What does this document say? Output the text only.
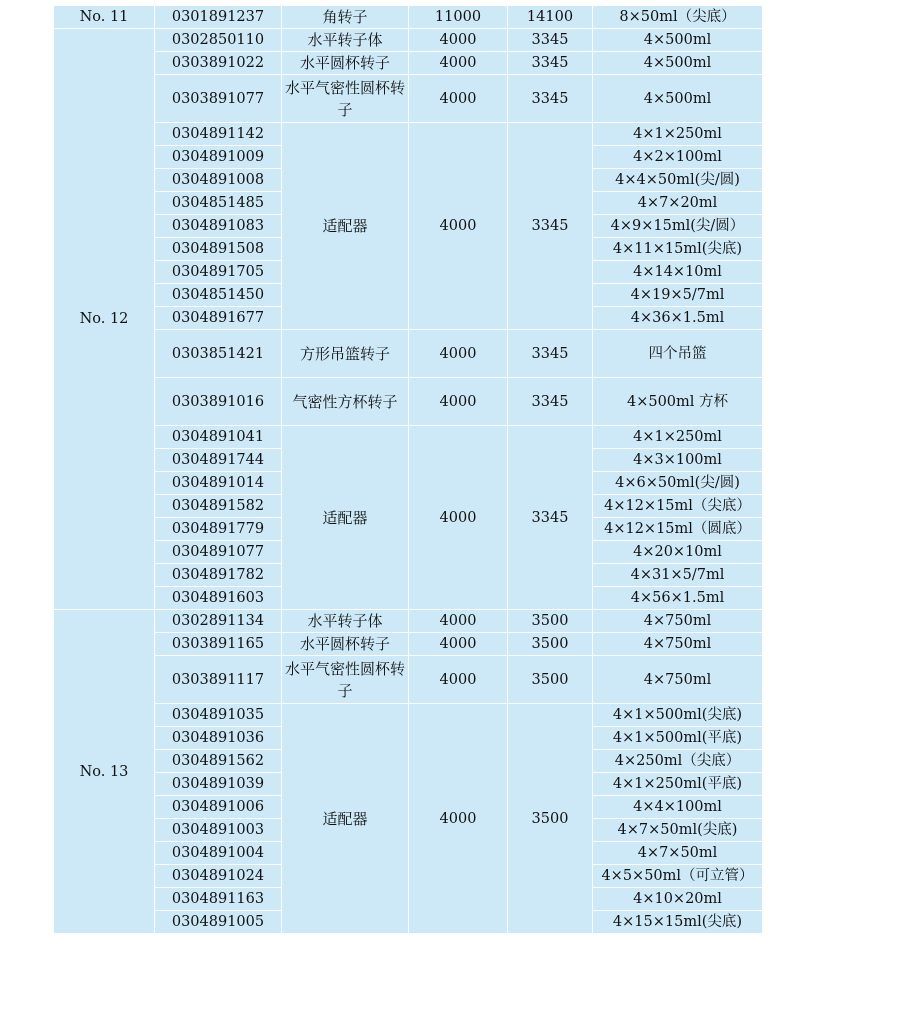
No. 11	0301891237	角转子	11000	14100	8×50ml（尖底）
No. 12	0302850110	水平转子体	4000	3345	4×500ml
	0303891022	水平圆杯转子	4000	3345	4×500ml
	0303891077	水平气密性圆杯转子	4000	3345	4×500ml
	0304891142	适配器	4000	3345	4×1×250ml
	0304891009				4×2×100ml
	0304891008				4×4×50ml(尖/圆)
	0304851485				4×7×20ml
	0304891083				4×9×15ml(尖/圆）
	0304891508				4×11×15ml(尖底)
	0304891705				4×14×10ml
	0304851450				4×19×5/7ml
	0304891677				4×36×1.5ml
	0303851421	方形吊篮转子	4000	3345	四个吊篮
	0303891016	气密性方杯转子	4000	3345	4×500ml 方杯
	0304891041	适配器	4000	3345	4×1×250ml
	0304891744				4×3×100ml
	0304891014				4×6×50ml(尖/圆)
	0304891582				4×12×15ml（尖底）
	0304891779				4×12×15ml（圆底）
	0304891077				4×20×10ml
	0304891782				4×31×5/7ml
	0304891603				4×56×1.5ml
No. 13	0302891134	水平转子体	4000	3500	4×750ml
	0303891165	水平圆杯转子	4000	3500	4×750ml
	0303891117	水平气密性圆杯转子	4000	3500	4×750ml
	0304891035	适配器	4000	3500	4×1×500ml(尖底)
	0304891036				4×1×500ml(平底)
	0304891562				4×250ml（尖底）
	0304891039				4×1×250ml(平底)
	0304891006				4×4×100ml
	0304891003				4×7×50ml(尖底)
	0304891004				4×7×50ml
	0304891024				4×5×50ml（可立管）
	0304891163				4×10×20ml
	0304891005				4×15×15ml(尖底)
